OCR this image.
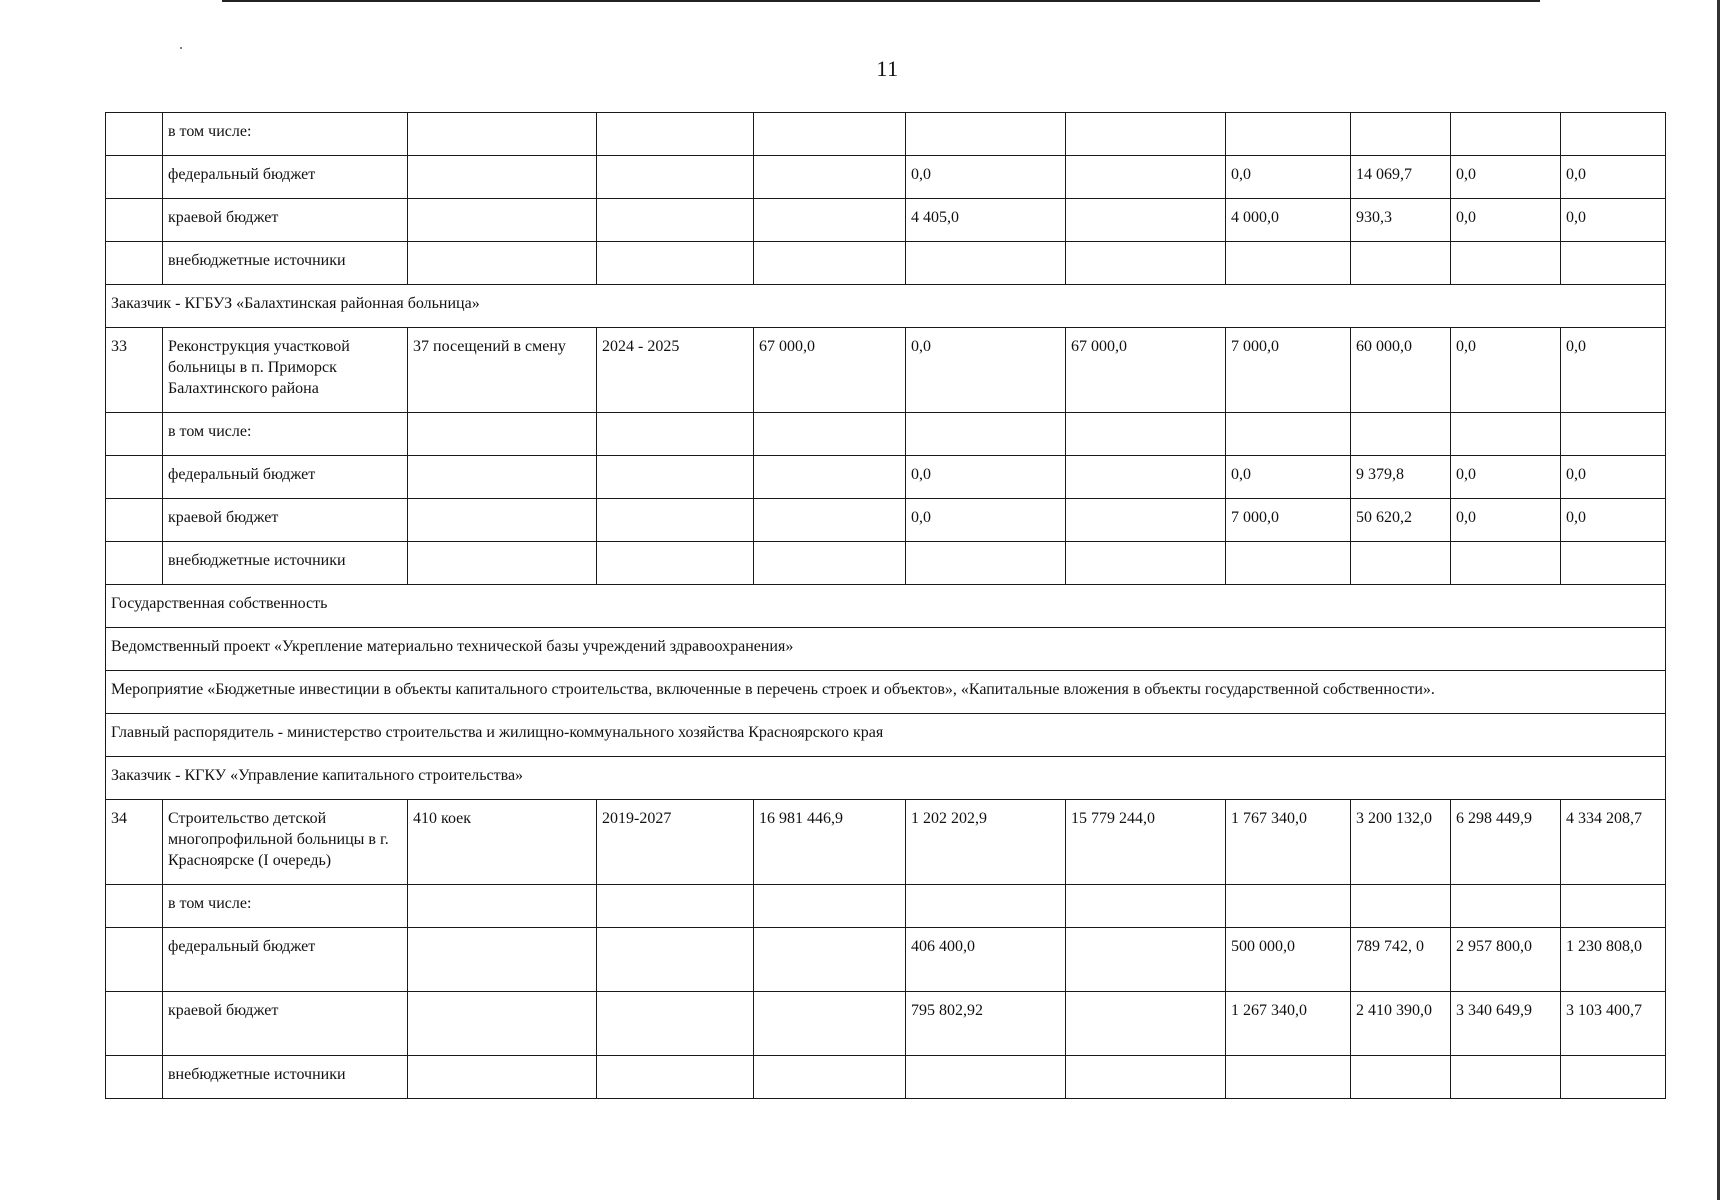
11
	в том числе:									
	федеральный бюджет				0,0		0,0	14 069,7	0,0	0,0
	краевой бюджет				4 405,0		4 000,0	930,3	0,0	0,0
	внебюджетные источники									
Заказчик - КГБУЗ «Балахтинская районная больница»										
33	Реконструкция участковой больницы в п. Приморск Балахтинского района	37 посещений в смену	2024 - 2025	67 000,0	0,0	67 000,0	7 000,0	60 000,0	0,0	0,0
	в том числе:									
	федеральный бюджет				0,0		0,0	9 379,8	0,0	0,0
	краевой бюджет				0,0		7 000,0	50 620,2	0,0	0,0
	внебюджетные источники									
Государственная собственность										
Ведомственный проект «Укрепление материально технической базы учреждений здравоохранения»										
Мероприятие «Бюджетные инвестиции в объекты капитального строительства, включенные в перечень строек и объектов», «Капитальные вложения в объекты государственной собственности».										
Главный распорядитель - министерство строительства и жилищно-коммунального хозяйства Красноярского края										
Заказчик - КГКУ «Управление капитального строительства»										
34	Строительство детской многопрофильной больницы в г. Красноярске (I очередь)	410 коек	2019-2027	16 981 446,9	1 202 202,9	15 779 244,0	1 767 340,0	3 200 132,0	6 298 449,9	4 334 208,7
	в том числе:									
	федеральный бюджет				406 400,0		500 000,0	789 742, 0	2 957 800,0	1 230 808,0
	краевой бюджет				795 802,92		1 267 340,0	2 410 390,0	3 340 649,9	3 103 400,7
	внебюджетные источники									
